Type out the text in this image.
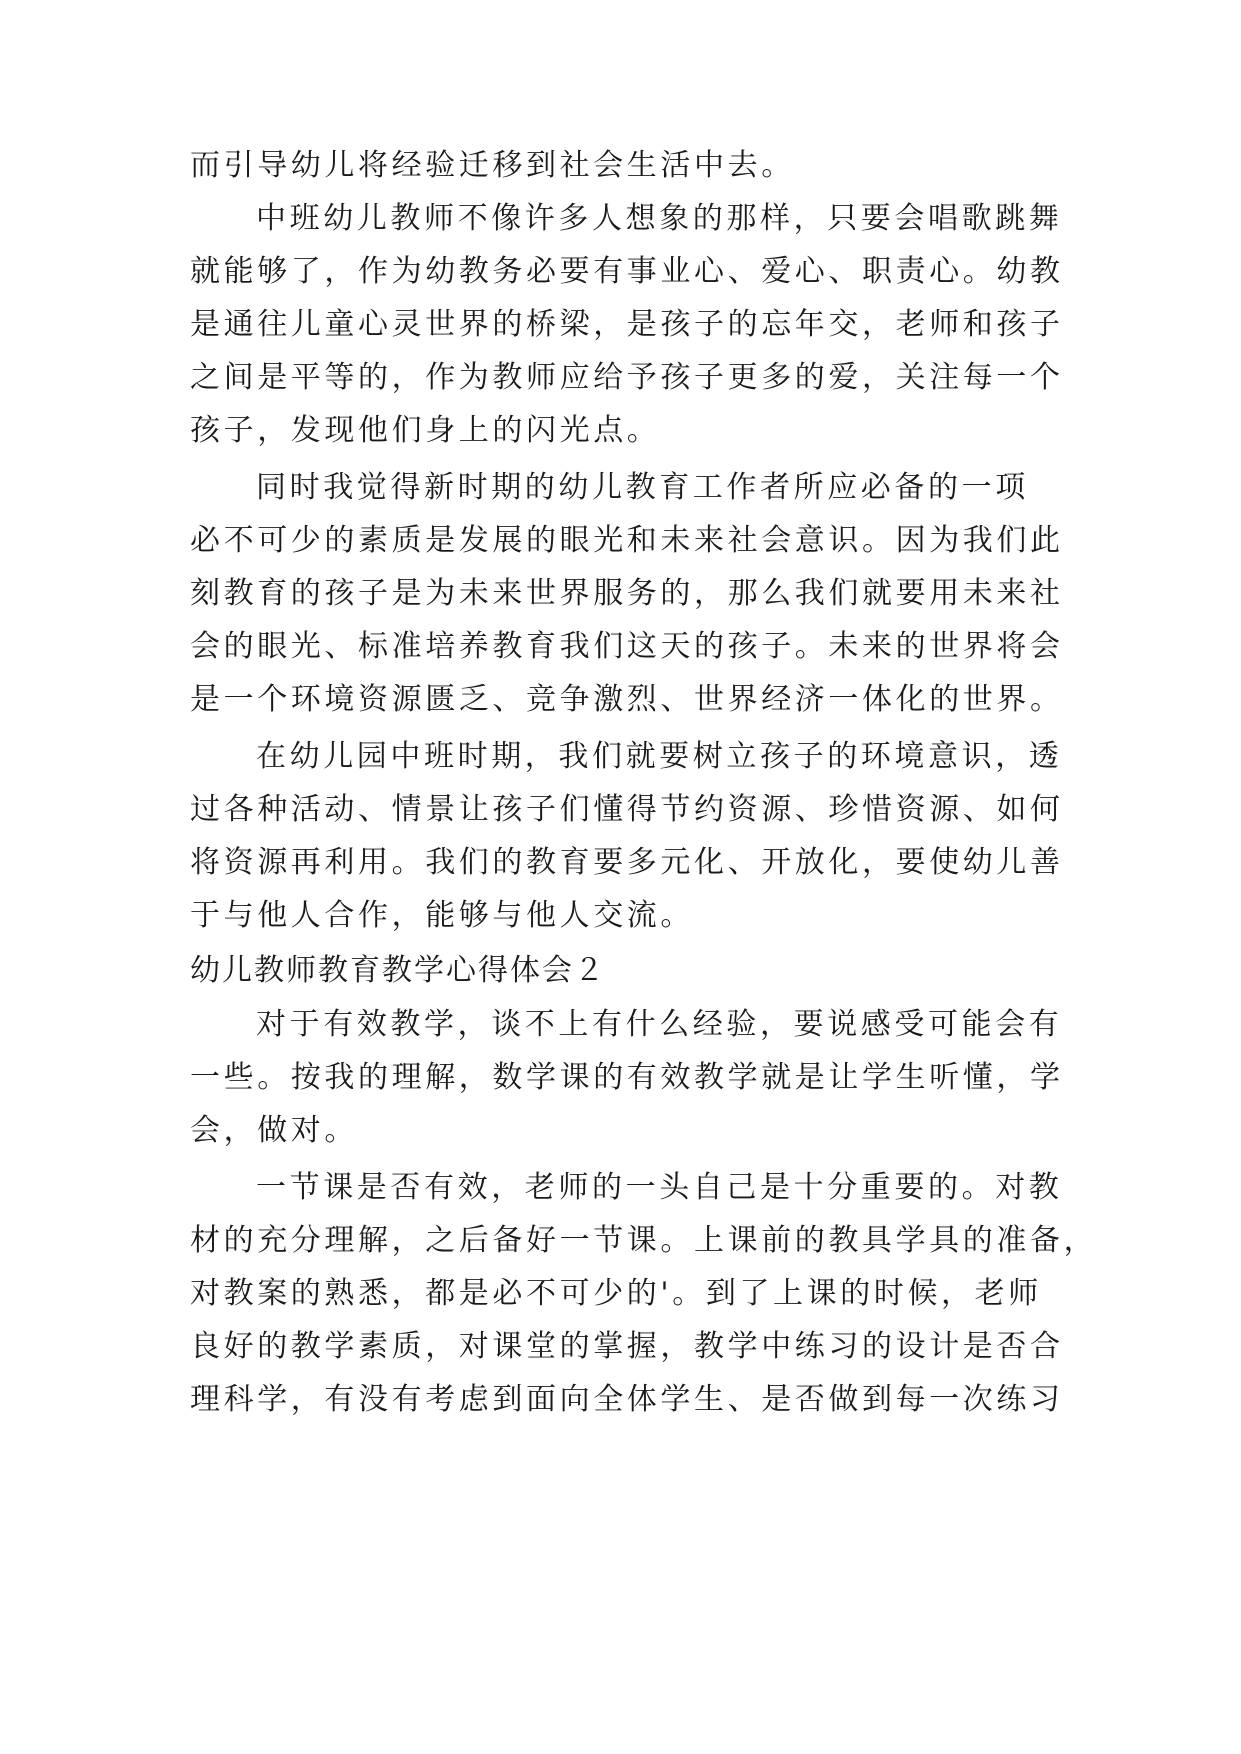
而引导幼儿将经验迁移到社会生活中去。

中班幼儿教师不像许多人想象的那样，只要会唱歌跳舞

就能够了，作为幼教务必要有事业心、爱心、职责心。幼教

是通往儿童心灵世界的桥梁，是孩子的忘年交，老师和孩子

之间是平等的，作为教师应给予孩子更多的爱，关注每一个

孩子，发现他们身上的闪光点。

同时我觉得新时期的幼儿教育工作者所应必备的一项

必不可少的素质是发展的眼光和未来社会意识。因为我们此

刻教育的孩子是为未来世界服务的，那么我们就要用未来社

会的眼光、标准培养教育我们这天的孩子。未来的世界将会

是一个环境资源匮乏、竞争激烈、世界经济一体化的世界。

在幼儿园中班时期，我们就要树立孩子的环境意识，透

过各种活动、情景让孩子们懂得节约资源、珍惜资源、如何

将资源再利用。我们的教育要多元化、开放化，要使幼儿善

于与他人合作，能够与他人交流。

幼儿教师教育教学心得体会２

对于有效教学，谈不上有什么经验，要说感受可能会有

一些。按我的理解，数学课的有效教学就是让学生听懂，学

会，做对。

一节课是否有效，老师的一头自己是十分重要的。对教

材的充分理解，之后备好一节课。上课前的教具学具的准备，

对教案的熟悉，都是必不可少的'。到了上课的时候，老师

良好的教学素质，对课堂的掌握，教学中练习的设计是否合

理科学，有没有考虑到面向全体学生、是否做到每一次练习
